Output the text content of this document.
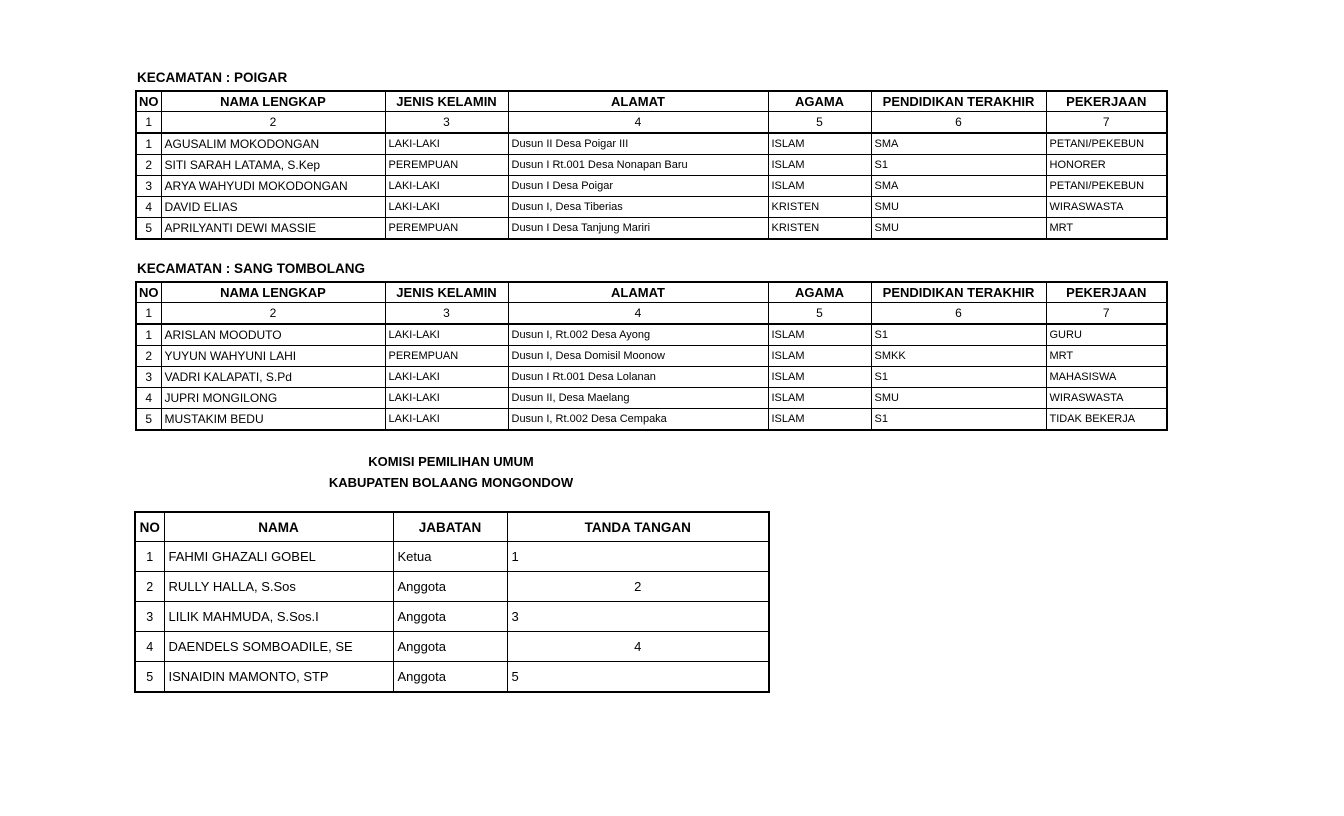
KECAMATAN : POIGAR
NO	NAMA LENGKAP	JENIS KELAMIN	ALAMAT	AGAMA	PENDIDIKAN TERAKHIR	PEKERJAAN
1	2	3	4	5	6	7
1	AGUSALIM MOKODONGAN	LAKI-LAKI	Dusun II Desa Poigar III	ISLAM	SMA	PETANI/PEKEBUN
2	SITI SARAH LATAMA, S.Kep	PEREMPUAN	Dusun I Rt.001 Desa Nonapan Baru	ISLAM	S1	HONORER
3	ARYA WAHYUDI MOKODONGAN	LAKI-LAKI	Dusun I Desa Poigar	ISLAM	SMA	PETANI/PEKEBUN
4	DAVID ELIAS	LAKI-LAKI	Dusun I, Desa Tiberias	KRISTEN	SMU	WIRASWASTA
5	APRILYANTI DEWI MASSIE	PEREMPUAN	Dusun I Desa Tanjung Mariri	KRISTEN	SMU	MRT
KECAMATAN : SANG TOMBOLANG
NO	NAMA LENGKAP	JENIS KELAMIN	ALAMAT	AGAMA	PENDIDIKAN TERAKHIR	PEKERJAAN
1	2	3	4	5	6	7
1	ARISLAN MOODUTO	LAKI-LAKI	Dusun I, Rt.002 Desa Ayong	ISLAM	S1	GURU
2	YUYUN WAHYUNI LAHI	PEREMPUAN	Dusun I, Desa Domisil Moonow	ISLAM	SMKK	MRT
3	VADRI KALAPATI, S.Pd	LAKI-LAKI	Dusun I Rt.001 Desa Lolanan	ISLAM	S1	MAHASISWA
4	JUPRI MONGILONG	LAKI-LAKI	Dusun II, Desa Maelang	ISLAM	SMU	WIRASWASTA
5	MUSTAKIM BEDU	LAKI-LAKI	Dusun I, Rt.002 Desa Cempaka	ISLAM	S1	TIDAK BEKERJA
KOMISI PEMILIHAN UMUM
KABUPATEN BOLAANG MONGONDOW
NO	NAMA	JABATAN	TANDA TANGAN
1	FAHMI GHAZALI GOBEL	Ketua	1
2	RULLY HALLA, S.Sos	Anggota	2
3	LILIK MAHMUDA, S.Sos.I	Anggota	3
4	DAENDELS SOMBOADILE, SE	Anggota	4
5	ISNAIDIN MAMONTO, STP	Anggota	5
